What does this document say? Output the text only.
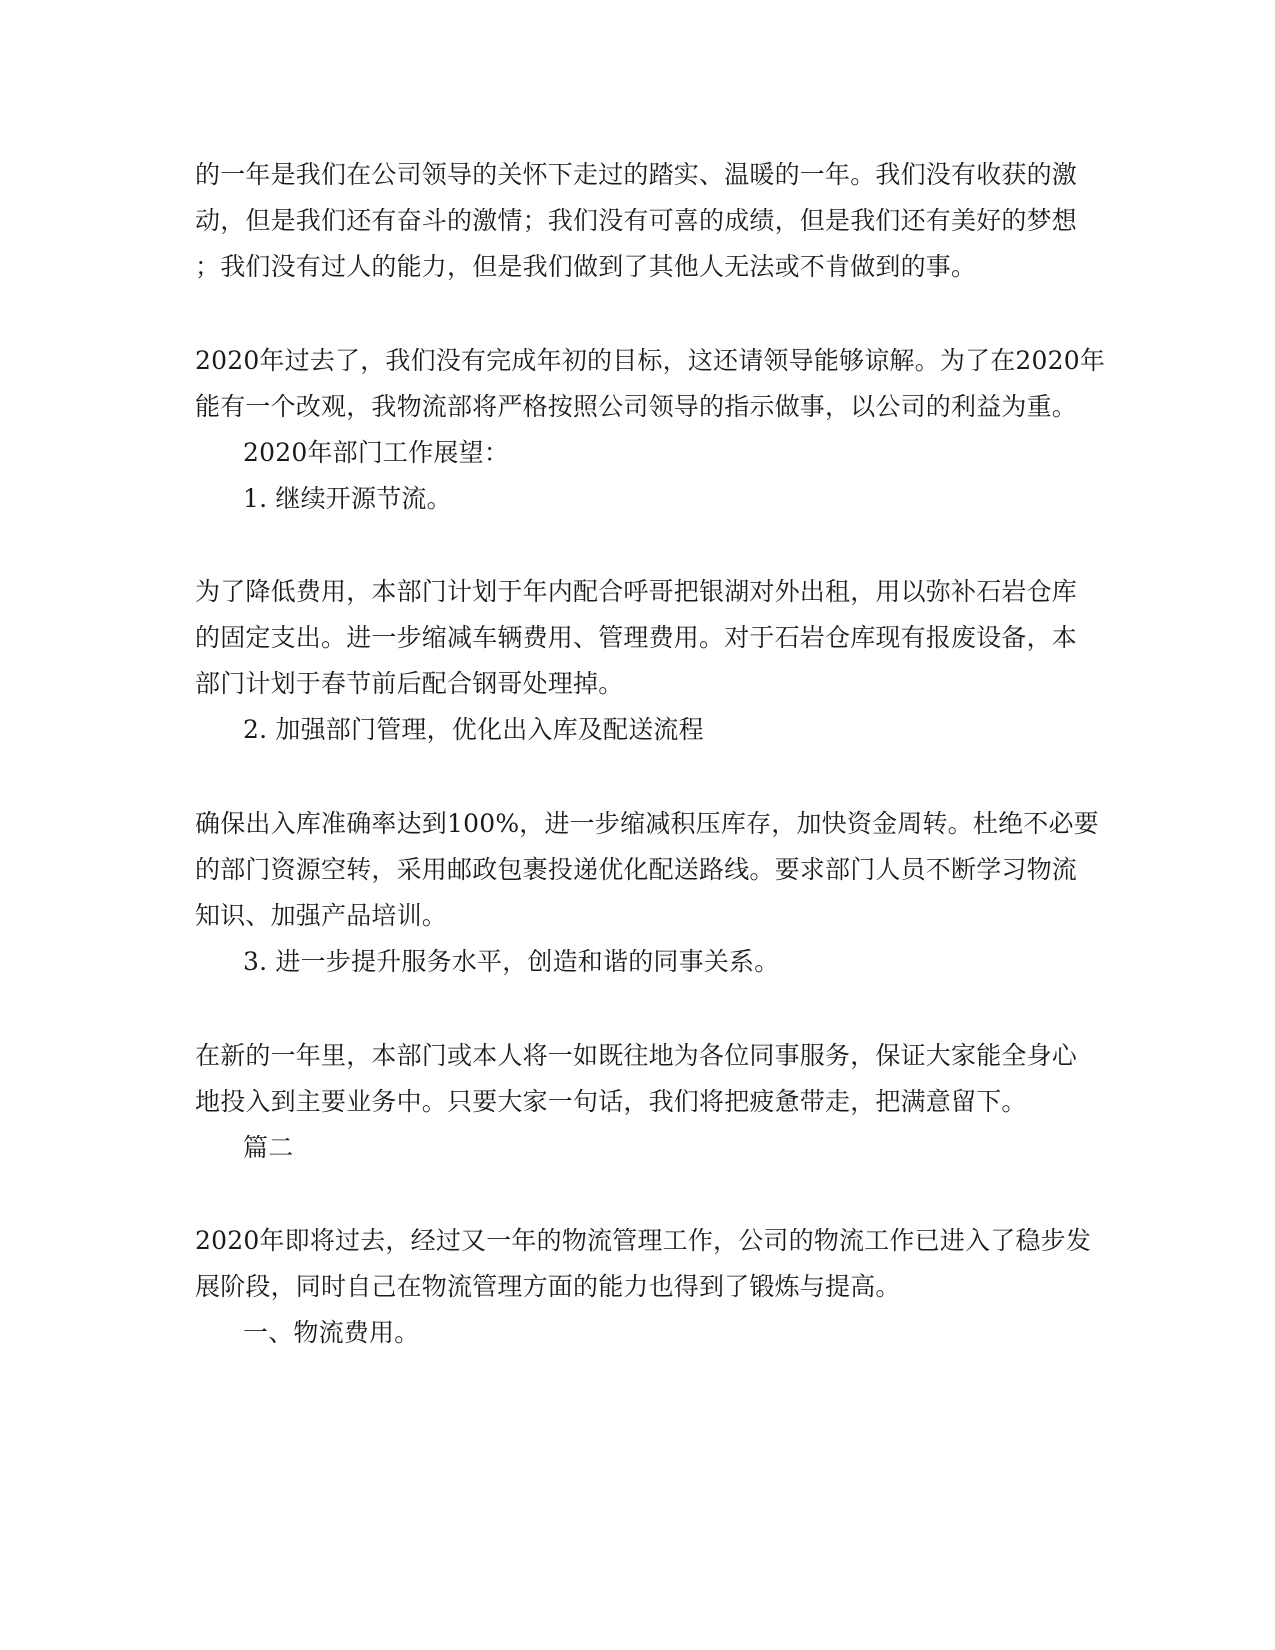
的一年是我们在公司领导的关怀下走过的踏实、温暖的一年。我们没有收获的激
动，但是我们还有奋斗的激情；我们没有可喜的成绩，但是我们还有美好的梦想
；我们没有过人的能力，但是我们做到了其他人无法或不肯做到的事。
2020年过去了，我们没有完成年初的目标，这还请领导能够谅解。为了在2020年
能有一个改观，我物流部将严格按照公司领导的指示做事，以公司的利益为重。
2020年部门工作展望：
1. 继续开源节流。
为了降低费用，本部门计划于年内配合呼哥把银湖对外出租，用以弥补石岩仓库
的固定支出。进一步缩减车辆费用、管理费用。对于石岩仓库现有报废设备，本
部门计划于春节前后配合钢哥处理掉。
2. 加强部门管理，优化出入库及配送流程
确保出入库准确率达到100%，进一步缩减积压库存，加快资金周转。杜绝不必要
的部门资源空转，采用邮政包裹投递优化配送路线。要求部门人员不断学习物流
知识、加强产品培训。
3. 进一步提升服务水平，创造和谐的同事关系。
在新的一年里，本部门或本人将一如既往地为各位同事服务，保证大家能全身心
地投入到主要业务中。只要大家一句话，我们将把疲惫带走，把满意留下。
篇二
2020年即将过去，经过又一年的物流管理工作，公司的物流工作已进入了稳步发
展阶段，同时自己在物流管理方面的能力也得到了锻炼与提高。
一、物流费用。
